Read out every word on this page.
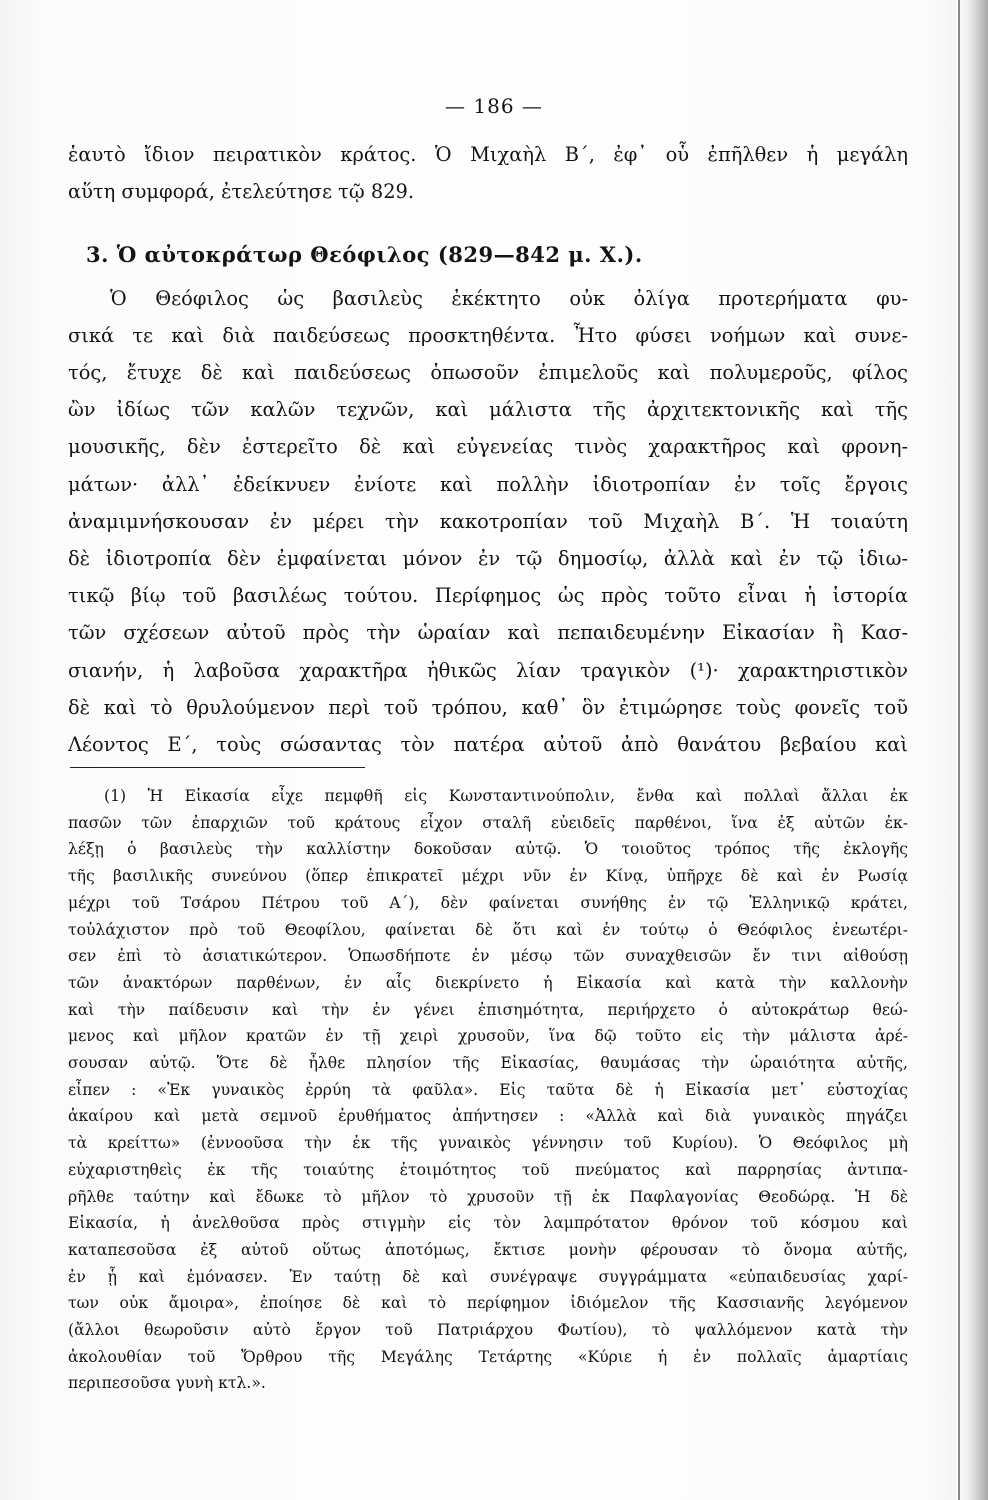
— 186 —
ἑαυτὸ ἴδιον πειρατικὸν κράτος. Ὁ Μιχαὴλ Β΄, ἐφ᾽ οὗ ἐπῆλθεν ἡ μεγάλη
αὕτη συμφορά, ἐτελεύτησε τῷ 829.
3. Ὁ αὐτοκράτωρ Θεόφιλος (829—842 μ. Χ.).
Ὁ Θεόφιλος ὡς βασιλεὺς ἐκέκτητο οὐκ ὀλίγα προτερήματα φυ-
σικά τε καὶ διὰ παιδεύσεως προσκτηθέντα. Ἦτο φύσει νοήμων καὶ συνε-
τός, ἔτυχε δὲ καὶ παιδεύσεως ὁπωσοῦν ἐπιμελοῦς καὶ πολυμεροῦς, φίλος
ὢν ἰδίως τῶν καλῶν τεχνῶν, καὶ μάλιστα τῆς ἀρχιτεκτονικῆς καὶ τῆς
μουσικῆς, δὲν ἐστερεῖτο δὲ καὶ εὐγενείας τινὸς χαρακτῆρος καὶ φρονη-
μάτων· ἀλλ᾽ ἐδείκνυεν ἐνίοτε καὶ πολλὴν ἰδιοτροπίαν ἐν τοῖς ἔργοις
ἀναμιμνήσκουσαν ἐν μέρει τὴν κακοτροπίαν τοῦ Μιχαὴλ Β΄. Ἡ τοιαύτη
δὲ ἰδιοτροπία δὲν ἐμφαίνεται μόνον ἐν τῷ δημοσίῳ, ἀλλὰ καὶ ἐν τῷ ἰδιω-
τικῷ βίῳ τοῦ βασιλέως τούτου. Περίφημος ὡς πρὸς τοῦτο εἶναι ἡ ἱστορία
τῶν σχέσεων αὐτοῦ πρὸς τὴν ὡραίαν καὶ πεπαιδευμένην Εἰκασίαν ἢ Κασ-
σιανήν, ἡ λαβοῦσα χαρακτῆρα ἠθικῶς λίαν τραγικὸν (¹)· χαρακτηριστικὸν
δὲ καὶ τὸ θρυλούμενον περὶ τοῦ τρόπου, καθ᾽ ὃν ἐτιμώρησε τοὺς φονεῖς τοῦ
Λέοντος Ε΄, τοὺς σώσαντας τὸν πατέρα αὐτοῦ ἀπὸ θανάτου βεβαίου καὶ
(1) Ἡ Εἰκασία εἶχε πεμφθῆ εἰς Κωνσταντινούπολιν, ἔνθα καὶ πολλαὶ ἄλλαι ἐκ
πασῶν τῶν ἐπαρχιῶν τοῦ κράτους εἶχον σταλῆ εὐειδεῖς παρθένοι, ἵνα ἐξ αὐτῶν ἐκ-
λέξῃ ὁ βασιλεὺς τὴν καλλίστην δοκοῦσαν αὐτῷ. Ὁ τοιοῦτος τρόπος τῆς ἐκλογῆς
τῆς βασιλικῆς συνεύνου (ὅπερ ἐπικρατεῖ μέχρι νῦν ἐν Κίνᾳ, ὑπῆρχε δὲ καὶ ἐν Ρωσίᾳ
μέχρι τοῦ Τσάρου Πέτρου τοῦ Α΄), δὲν φαίνεται συνήθης ἐν τῷ Ἑλληνικῷ κράτει,
τοὐλάχιστον πρὸ τοῦ Θεοφίλου, φαίνεται δὲ ὅτι καὶ ἐν τούτῳ ὁ Θεόφιλος ἐνεωτέρι-
σεν ἐπὶ τὸ ἀσιατικώτερον. Ὁπωσδήποτε ἐν μέσῳ τῶν συναχθεισῶν ἔν τινι αἰθούσῃ
τῶν ἀνακτόρων παρθένων, ἐν αἷς διεκρίνετο ἡ Εἰκασία καὶ κατὰ τὴν καλλονὴν
καὶ τὴν παίδευσιν καὶ τὴν ἐν γένει ἐπισημότητα, περιήρχετο ὁ αὐτοκράτωρ θεώ-
μενος καὶ μῆλον κρατῶν ἐν τῇ χειρὶ χρυσοῦν, ἵνα δῷ τοῦτο εἰς τὴν μάλιστα ἀρέ-
σουσαν αὐτῷ. Ὅτε δὲ ἦλθε πλησίον τῆς Εἰκασίας, θαυμάσας τὴν ὡραιότητα αὐτῆς,
εἶπεν : «Ἐκ γυναικὸς ἐρρύη τὰ φαῦλα». Εἰς ταῦτα δὲ ἡ Εἰκασία μετ᾽ εὐστοχίας
ἀκαίρου καὶ μετὰ σεμνοῦ ἐρυθήματος ἀπήντησεν : «Ἀλλὰ καὶ διὰ γυναικὸς πηγάζει
τὰ κρείττω» (ἐννοοῦσα τὴν ἐκ τῆς γυναικὸς γέννησιν τοῦ Κυρίου). Ὁ Θεόφιλος μὴ
εὐχαριστηθεὶς ἐκ τῆς τοιαύτης ἑτοιμότητος τοῦ πνεύματος καὶ παρρησίας ἀντιπα-
ρῆλθε ταύτην καὶ ἔδωκε τὸ μῆλον τὸ χρυσοῦν τῇ ἐκ Παφλαγονίας Θεοδώρᾳ. Ἡ δὲ
Εἰκασία, ἡ ἀνελθοῦσα πρὸς στιγμὴν εἰς τὸν λαμπρότατον θρόνον τοῦ κόσμου καὶ
καταπεσοῦσα ἐξ αὐτοῦ οὕτως ἀποτόμως, ἔκτισε μονὴν φέρουσαν τὸ ὄνομα αὐτῆς,
ἐν ᾗ καὶ ἐμόνασεν. Ἐν ταύτῃ δὲ καὶ συνέγραψε συγγράμματα «εὐπαιδευσίας χαρί-
των οὐκ ἄμοιρα», ἐποίησε δὲ καὶ τὸ περίφημον ἰδιόμελον τῆς Κασσιανῆς λεγόμενον
(ἄλλοι θεωροῦσιν αὐτὸ ἔργον τοῦ Πατριάρχου Φωτίου), τὸ ψαλλόμενον κατὰ τὴν
ἀκολουθίαν τοῦ Ὄρθρου τῆς Μεγάλης Τετάρτης «Κύριε ἡ ἐν πολλαῖς ἁμαρτίαις
περιπεσοῦσα γυνὴ κτλ.».
